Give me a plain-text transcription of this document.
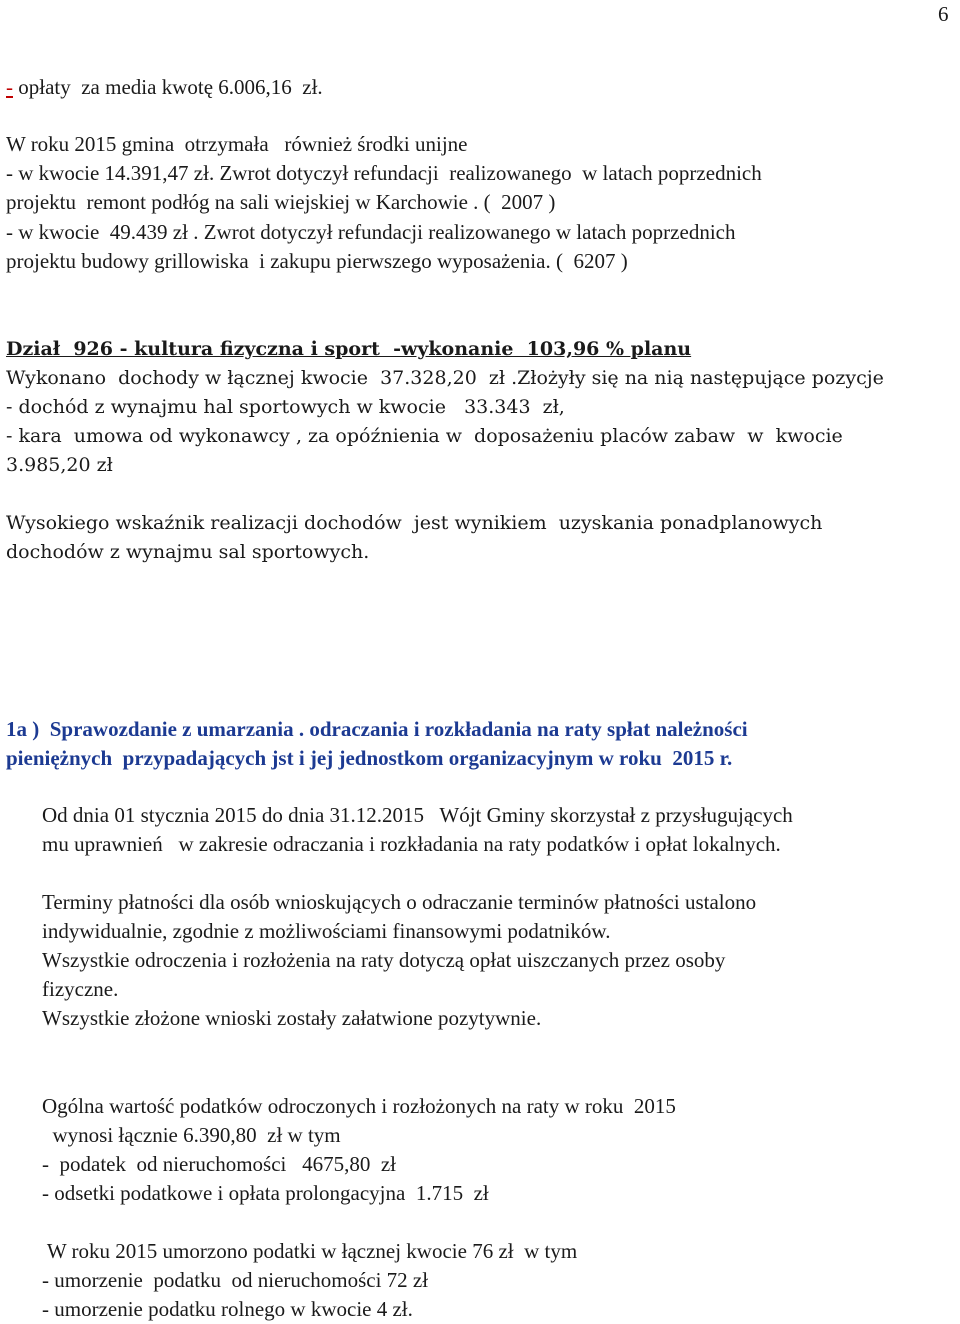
6
- opłaty  za media kwotę 6.006,16  zł.
W roku 2015 gmina  otrzymała   również środki unijne
- w kwocie 14.391,47 zł. Zwrot dotyczył refundacji  realizowanego  w latach poprzednich
projektu  remont podłóg na sali wiejskiej w Karchowie . (  2007 )
- w kwocie  49.439 zł . Zwrot dotyczył refundacji realizowanego w latach poprzednich
projektu budowy grillowiska  i zakupu pierwszego wyposażenia. (  6207 )
Dział  926 - kultura fizyczna i sport  -wykonanie  103,96 % planu
Wykonano  dochody w łącznej kwocie  37.328,20  zł .Złożyły się na nią następujące pozycje
- dochód z wynajmu hal sportowych w kwocie   33.343  zł,
- kara  umowa od wykonawcy , za opóźnienia w  doposażeniu placów zabaw  w  kwocie
3.985,20 zł
Wysokiego wskaźnik realizacji dochodów  jest wynikiem  uzyskania ponadplanowych
dochodów z wynajmu sal sportowych.
1a )  Sprawozdanie z umarzania . odraczania i rozkładania na raty spłat należności
pieniężnych  przypadających jst i jej jednostkom organizacyjnym w roku  2015 r.
Od dnia 01 stycznia 2015 do dnia 31.12.2015   Wójt Gminy skorzystał z przysługujących
mu uprawnień   w zakresie odraczania i rozkładania na raty podatków i opłat lokalnych.
Terminy płatności dla osób wnioskujących o odraczanie terminów płatności ustalono
indywidualnie, zgodnie z możliwościami finansowymi podatników.
Wszystkie odroczenia i rozłożenia na raty dotyczą opłat uiszczanych przez osoby
fizyczne.
Wszystkie złożone wnioski zostały załatwione pozytywnie.
Ogólna wartość podatków odroczonych i rozłożonych na raty w roku  2015
wynosi łącznie 6.390,80  zł w tym
-  podatek  od nieruchomości   4675,80  zł
- odsetki podatkowe i opłata prolongacyjna  1.715  zł
W roku 2015 umorzono podatki w łącznej kwocie 76 zł  w tym
- umorzenie  podatku  od nieruchomości 72 zł
- umorzenie podatku rolnego w kwocie 4 zł.
